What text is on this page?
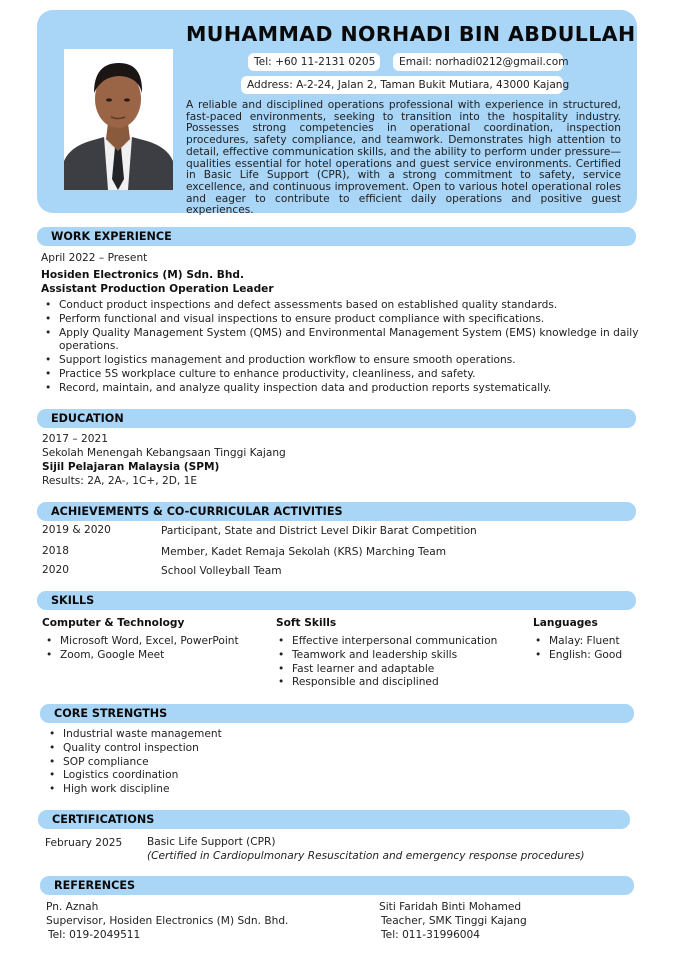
MUHAMMAD NORHADI BIN ABDULLAH
Tel: +60 11-2131 0205	Email: norhadi0212@gmail.com
Address: A-2-24, Jalan 2, Taman Bukit Mutiara, 43000 Kajang
A reliable and disciplined operations professional with experience in structured, fast-paced environments, seeking to transition into the hospitality industry. Possesses strong competencies in operational coordination, inspection procedures, safety compliance, and teamwork. Demonstrates high attention to detail, effective communication skills, and the ability to perform under pressure—qualities essential for hotel operations and guest service environments. Certified in Basic Life Support (CPR), with a strong commitment to safety, service excellence, and continuous improvement. Open to various hotel operational roles and eager to contribute to efficient daily operations and positive guest experiences.
WORK EXPERIENCE
April 2022 – Present
Hosiden Electronics (M) Sdn. Bhd.
Assistant Production Operation Leader
• Conduct product inspections and defect assessments based on established quality standards.
• Perform functional and visual inspections to ensure product compliance with specifications.
• Apply Quality Management System (QMS) and Environmental Management System (EMS) knowledge in daily
operations.
• Support logistics management and production workflow to ensure smooth operations.
• Practice 5S workplace culture to enhance productivity, cleanliness, and safety.
• Record, maintain, and analyze quality inspection data and production reports systematically.
EDUCATION
2017 – 2021
Sekolah Menengah Kebangsaan Tinggi Kajang
Sijil Pelajaran Malaysia (SPM)
Results: 2A, 2A-, 1C+, 2D, 1E
ACHIEVEMENTS & CO-CURRICULAR ACTIVITIES
2019 & 2020	Participant, State and District Level Dikir Barat Competition
2018	Member, Kadet Remaja Sekolah (KRS) Marching Team
2020	School Volleyball Team
SKILLS
Computer & Technology
• Microsoft Word, Excel, PowerPoint
• Zoom, Google Meet
Soft Skills
• Effective interpersonal communication
• Teamwork and leadership skills
• Fast learner and adaptable
• Responsible and disciplined
Languages
• Malay: Fluent
• English: Good
CORE STRENGTHS
• Industrial waste management
• Quality control inspection
• SOP compliance
• Logistics coordination
• High work discipline
CERTIFICATIONS
February 2025 Basic Life Support (CPR)
(Certified in Cardiopulmonary Resuscitation and emergency response procedures)
REFERENCES
Pn. Aznah
Supervisor, Hosiden Electronics (M) Sdn. Bhd.
Tel: 019-2049511
Siti Faridah Binti Mohamed
Teacher, SMK Tinggi Kajang
Tel: 011-31996004
